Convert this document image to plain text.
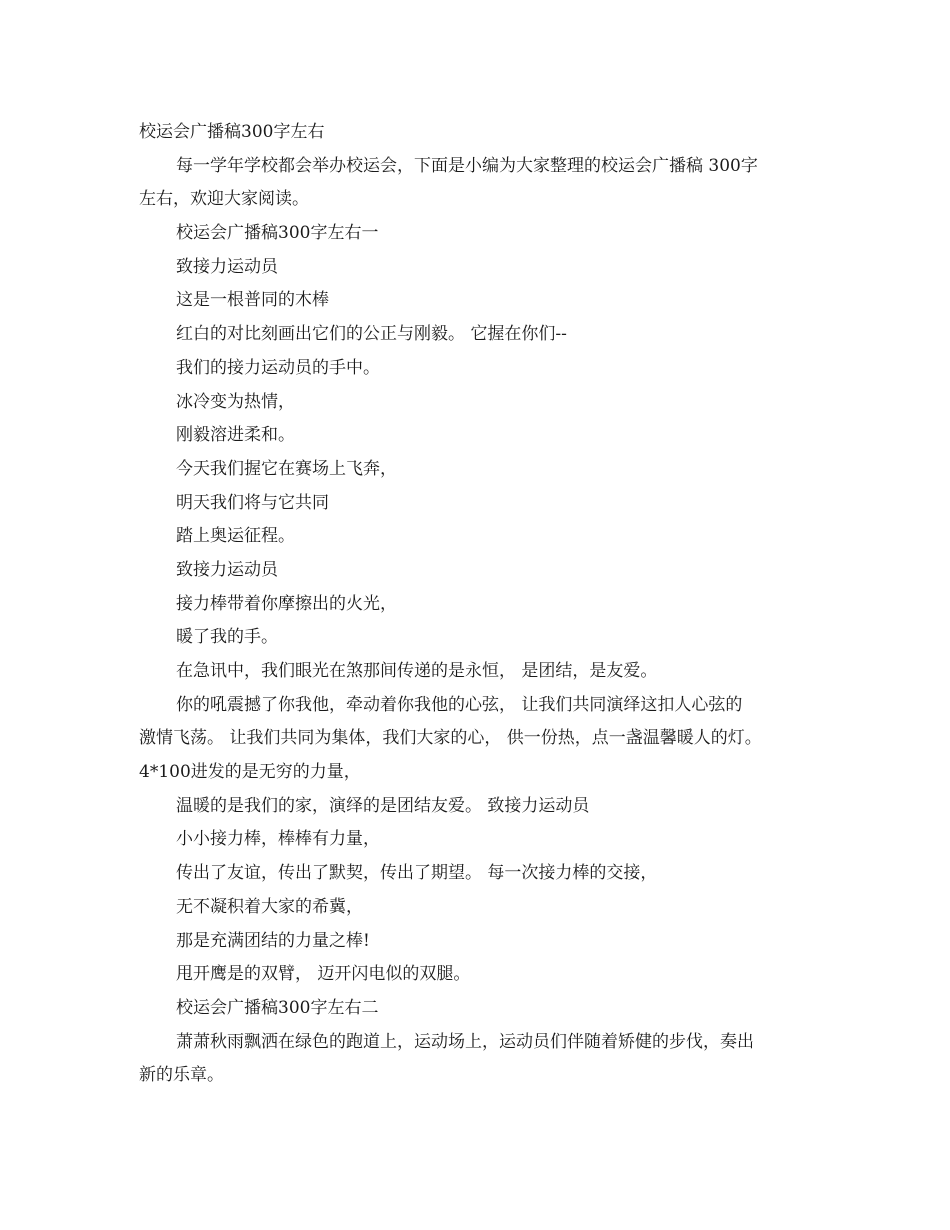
校运会广播稿300字左右
每一学年学校都会举办校运会，下面是小编为大家整理的校运会广播稿 300字
左右，欢迎大家阅读。
校运会广播稿300字左右一
致接力运动员
这是一根普同的木棒
红白的对比刻画出它们的公正与刚毅。 它握在你们--
我们的接力运动员的手中。
冰冷变为热情，
刚毅溶进柔和。
今天我们握它在赛场上飞奔，
明天我们将与它共同
踏上奥运征程。
致接力运动员
接力棒带着你摩擦出的火光，
暖了我的手。
在急讯中，我们眼光在煞那间传递的是永恒， 是团结，是友爱。
你的吼震撼了你我他，牵动着你我他的心弦， 让我们共同演绎这扣人心弦的
激情飞荡。 让我们共同为集体，我们大家的心， 供一份热，点一盏温馨暖人的灯。
4*100进发的是无穷的力量，
温暖的是我们的家，演绎的是团结友爱。 致接力运动员
小小接力棒，棒棒有力量，
传出了友谊，传出了默契，传出了期望。 每一次接力棒的交接，
无不凝积着大家的希冀，
那是充满团结的力量之棒!
甩开鹰是的双臂， 迈开闪电似的双腿。
校运会广播稿300字左右二
萧萧秋雨飘洒在绿色的跑道上，运动场上，运动员们伴随着矫健的步伐，奏出
新的乐章。
